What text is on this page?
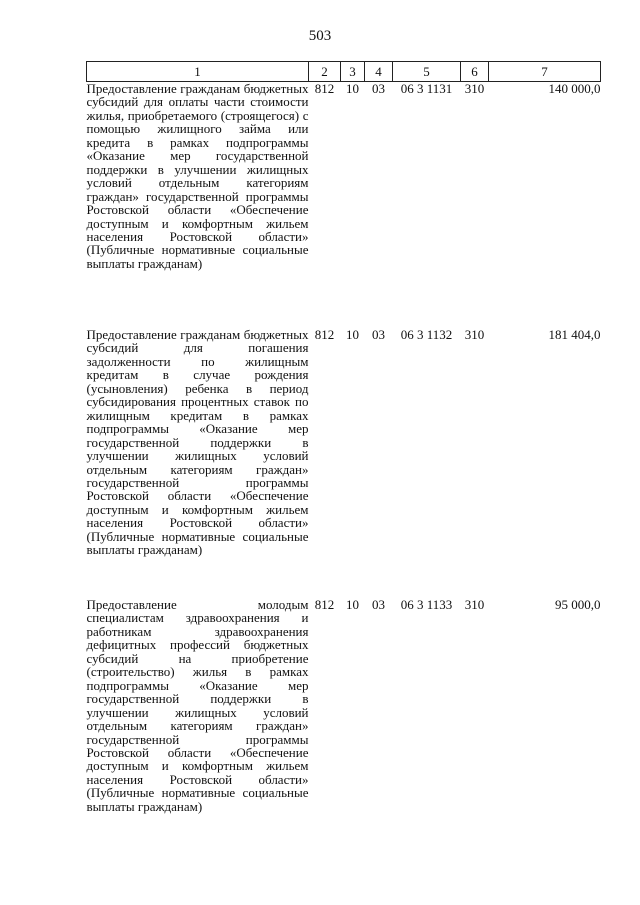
503
1	2	3	4	5	6	7
Предоставление гражданам бюджетных субсидий для оплаты части стоимости жилья, приобретаемого (строящегося) с помощью жилищного займа или кредита в рамках подпрограммы «Оказание мер государственной поддержки в улучшении жилищных условий отдельным категориям граждан» государственной программы Ростовской области «Обеспечение доступным и комфортным жильем населения Ростовской области» (Публичные нормативные социальные выплаты гражданам)	812	10	03	06 3 1131	310	140 000,0
Предоставление гражданам бюджетных субсидий для погашения задолженности по жилищным кредитам в случае рождения (усыновления) ребенка в период субсидирования процентных ставок по жилищным кредитам в рамках подпрограммы «Оказание мер государственной поддержки в улучшении жилищных условий отдельным категориям граждан» государственной программы Ростовской области «Обеспечение доступным и комфортным жильем населения Ростовской области» (Публичные нормативные социальные выплаты гражданам)	812	10	03	06 3 1132	310	181 404,0
Предоставление молодым специалистам здравоохранения и работникам здравоохранения дефицитных профессий бюджетных субсидий на приобретение (строительство) жилья в рамках подпрограммы «Оказание мер государственной поддержки в улучшении жилищных условий отдельным категориям граждан» государственной программы Ростовской области «Обеспечение доступным и комфортным жильем населения Ростовской области» (Публичные нормативные социальные выплаты гражданам)	812	10	03	06 3 1133	310	95 000,0
